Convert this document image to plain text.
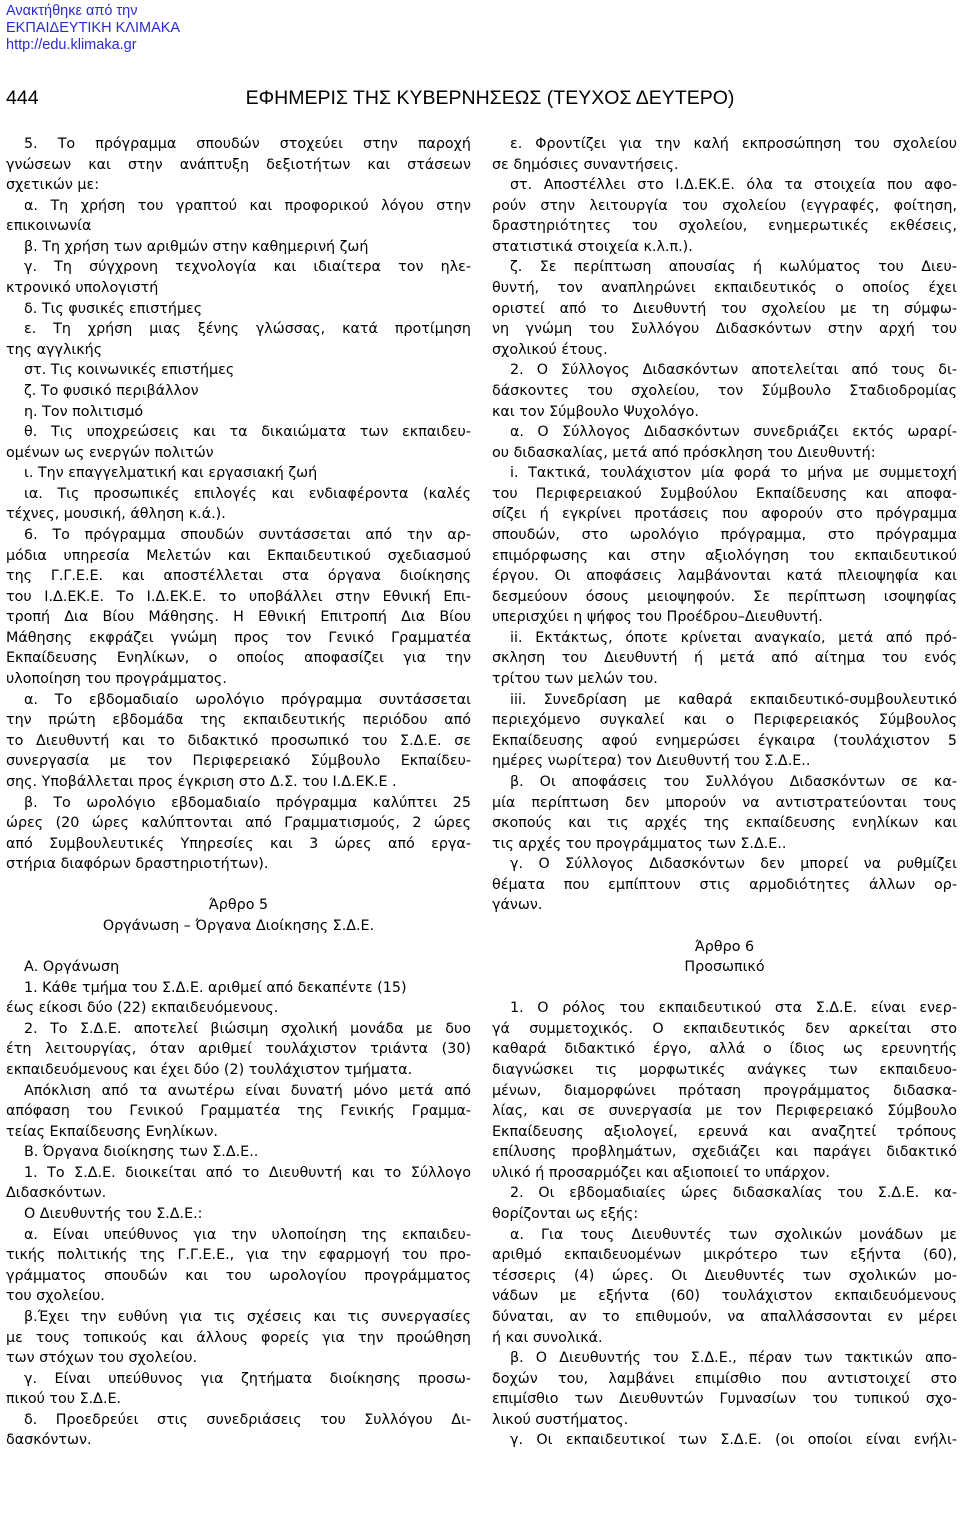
Ανακτήθηκε από την
ΕΚΠΑΙΔΕΥΤΙΚΗ ΚΛΙΜΑΚΑ
http://edu.klimaka.gr
444	ΕΦΗΜΕΡΙΣ ΤΗΣ ΚΥΒΕΡΝΗΣΕΩΣ (ΤΕΥΧΟΣ ΔΕΥΤΕΡΟ)
5. Το πρόγραμμα σπουδών στοχεύει στην παροχή
γνώσεων και στην ανάπτυξη δεξιοτήτων και στάσεων
σχετικών με:
α. Τη χρήση του γραπτού και προφορικού λόγου στην
επικοινωνία
β. Τη χρήση των αριθμών στην καθημερινή ζωή
γ. Τη σύγχρονη τεχνολογία και ιδιαίτερα τον ηλε-
κτρονικό υπολογιστή
δ. Τις φυσικές επιστήμες
ε. Τη χρήση μιας ξένης γλώσσας, κατά προτίμηση
της αγγλικής
στ. Τις κοινωνικές επιστήμες
ζ. Το φυσικό περιβάλλον
η. Τον πολιτισμό
θ. Τις υποχρεώσεις και τα δικαιώματα των εκπαιδευ-
ομένων ως ενεργών πολιτών
ι. Την επαγγελματική και εργασιακή ζωή
ια. Τις προσωπικές επιλογές και ενδιαφέροντα (καλές
τέχνες, μουσική, άθληση κ.ά.).
6. Το πρόγραμμα σπουδών συντάσσεται από την αρ-
μόδια υπηρεσία Μελετών και Εκπαιδευτικού σχεδιασμού
της Γ.Γ.Ε.Ε. και αποστέλλεται στα όργανα διοίκησης
του Ι.Δ.ΕΚ.Ε. Το Ι.Δ.ΕΚ.Ε. το υποβάλλει στην Εθνική Επι-
τροπή Δια Βίου Μάθησης. Η Εθνική Επιτροπή Δια Βίου
Μάθησης εκφράζει γνώμη προς τον Γενικό Γραμματέα
Εκπαίδευσης Ενηλίκων, ο οποίος αποφασίζει για την
υλοποίηση του προγράμματος.
α. Το εβδομαδιαίο ωρολόγιο πρόγραμμα συντάσσεται
την πρώτη εβδομάδα της εκπαιδευτικής περιόδου από
το Διευθυντή και το διδακτικό προσωπικό του Σ.Δ.Ε. σε
συνεργασία με τον Περιφερειακό Σύμβουλο Εκπαίδευ-
σης. Υποβάλλεται προς έγκριση στο Δ.Σ. του Ι.Δ.ΕΚ.Ε .
β. Το ωρολόγιο εβδομαδιαίο πρόγραμμα καλύπτει 25
ώρες (20 ώρες καλύπτονται από Γραμματισμούς, 2 ώρες
από Συμβουλευτικές Υπηρεσίες και 3 ώρες από εργα-
στήρια διαφόρων δραστηριοτήτων).
Άρθρο 5
Οργάνωση – Όργανα Διοίκησης Σ.Δ.Ε.
Α. Οργάνωση
1. Κάθε τμήμα του Σ.Δ.Ε. αριθμεί από δεκαπέντε (15)
έως είκοσι δύο (22) εκπαιδευόμενους.
2. Το Σ.Δ.Ε. αποτελεί βιώσιμη σχολική μονάδα με δυο
έτη λειτουργίας, όταν αριθμεί τουλάχιστον τριάντα (30)
εκπαιδευόμενους και έχει δύο (2) τουλάχιστον τμήματα.
Απόκλιση από τα ανωτέρω είναι δυνατή μόνο μετά από
απόφαση του Γενικού Γραμματέα της Γενικής Γραμμα-
τείας Εκπαίδευσης Ενηλίκων.
Β. Όργανα διοίκησης των Σ.Δ.Ε..
1. Το Σ.Δ.Ε. διοικείται από το Διευθυντή και το Σύλλογο
Διδασκόντων.
Ο Διευθυντής του Σ.Δ.Ε.:
α. Είναι υπεύθυνος για την υλοποίηση της εκπαιδευ-
τικής πολιτικής της Γ.Γ.Ε.Ε., για την εφαρμογή του προ-
γράμματος σπουδών και του ωρολογίου προγράμματος
του σχολείου.
β.Έχει την ευθύνη για τις σχέσεις και τις συνεργασίες
με τους τοπικούς και άλλους φορείς για την προώθηση
των στόχων του σχολείου.
γ. Είναι υπεύθυνος για ζητήματα διοίκησης προσω-
πικού του Σ.Δ.Ε.
δ. Προεδρεύει στις συνεδριάσεις του Συλλόγου Δι-
δασκόντων.
ε. Φροντίζει για την καλή εκπροσώπηση του σχολείου
σε δημόσιες συναντήσεις.
στ. Αποστέλλει στο Ι.Δ.ΕΚ.Ε. όλα τα στοιχεία που αφο-
ρούν στην λειτουργία του σχολείου (εγγραφές, φοίτηση,
δραστηριότητες του σχολείου, ενημερωτικές εκθέσεις,
στατιστικά στοιχεία κ.λ.π.).
ζ. Σε περίπτωση απουσίας ή κωλύματος του Διευ-
θυντή, τον αναπληρώνει εκπαιδευτικός ο οποίος έχει
οριστεί από το Διευθυντή του σχολείου με τη σύμφω-
νη γνώμη του Συλλόγου Διδασκόντων στην αρχή του
σχολικού έτους.
2. Ο Σύλλογος Διδασκόντων αποτελείται από τους δι-
δάσκοντες του σχολείου, τον Σύμβουλο Σταδιοδρομίας
και τον Σύμβουλο Ψυχολόγο.
α. Ο Σύλλογος Διδασκόντων συνεδριάζει εκτός ωραρί-
ου διδασκαλίας, μετά από πρόσκληση του Διευθυντή:
i. Τακτικά, τουλάχιστον μία φορά το μήνα με συμμετοχή
του Περιφερειακού Συμβούλου Εκπαίδευσης και αποφα-
σίζει ή εγκρίνει προτάσεις που αφορούν στο πρόγραμμα
σπουδών, στο ωρολόγιο πρόγραμμα, στο πρόγραμμα
επιμόρφωσης και στην αξιολόγηση του εκπαιδευτικού
έργου. Οι αποφάσεις λαμβάνονται κατά πλειοψηφία και
δεσμεύουν όσους μειοψηφούν. Σε περίπτωση ισοψηφίας
υπερισχύει η ψήφος του Προέδρου–Διευθυντή.
ii. Εκτάκτως, όποτε κρίνεται αναγκαίο, μετά από πρό-
σκληση του Διευθυντή ή μετά από αίτημα του ενός
τρίτου των μελών του.
iii. Συνεδρίαση με καθαρά εκπαιδευτικό-συμβουλευτικό
περιεχόμενο συγκαλεί και ο Περιφερειακός Σύμβουλος
Εκπαίδευσης αφού ενημερώσει έγκαιρα (τουλάχιστον 5
ημέρες νωρίτερα) τον Διευθυντή του Σ.Δ.Ε..
β. Οι αποφάσεις του Συλλόγου Διδασκόντων σε κα-
μία περίπτωση δεν μπορούν να αντιστρατεύονται τους
σκοπούς και τις αρχές της εκπαίδευσης ενηλίκων και
τις αρχές του προγράμματος των Σ.Δ.Ε..
γ. Ο Σύλλογος Διδασκόντων δεν μπορεί να ρυθμίζει
θέματα που εμπίπτουν στις αρμοδιότητες άλλων ορ-
γάνων.
Άρθρο 6
Προσωπικό
1. Ο ρόλος του εκπαιδευτικού στα Σ.Δ.Ε. είναι ενερ-
γά συμμετοχικός. Ο εκπαιδευτικός δεν αρκείται στο
καθαρά διδακτικό έργο, αλλά ο ίδιος ως ερευνητής
διαγνώσκει τις μορφωτικές ανάγκες των εκπαιδευο-
μένων, διαμορφώνει πρόταση προγράμματος διδασκα-
λίας, και σε συνεργασία με τον Περιφερειακό Σύμβουλο
Εκπαίδευσης αξιολογεί, ερευνά και αναζητεί τρόπους
επίλυσης προβλημάτων, σχεδιάζει και παράγει διδακτικό
υλικό ή προσαρμόζει και αξιοποιεί το υπάρχον.
2. Οι εβδομαδιαίες ώρες διδασκαλίας του Σ.Δ.Ε. κα-
θορίζονται ως εξής:
α. Για τους Διευθυντές των σχολικών μονάδων με
αριθμό εκπαιδευομένων μικρότερο των εξήντα (60),
τέσσερις (4) ώρες. Οι Διευθυντές των σχολικών μο-
νάδων με εξήντα (60) τουλάχιστον εκπαιδευόμενους
δύναται, αν το επιθυμούν, να απαλλάσσονται εν μέρει
ή και συνολικά.
β. Ο Διευθυντής του Σ.Δ.Ε., πέραν των τακτικών απο-
δοχών του, λαμβάνει επιμίσθιο που αντιστοιχεί στο
επιμίσθιο των Διευθυντών Γυμνασίων του τυπικού σχο-
λικού συστήματος.
γ. Οι εκπαιδευτικοί των Σ.Δ.Ε. (οι οποίοι είναι ενήλι-
